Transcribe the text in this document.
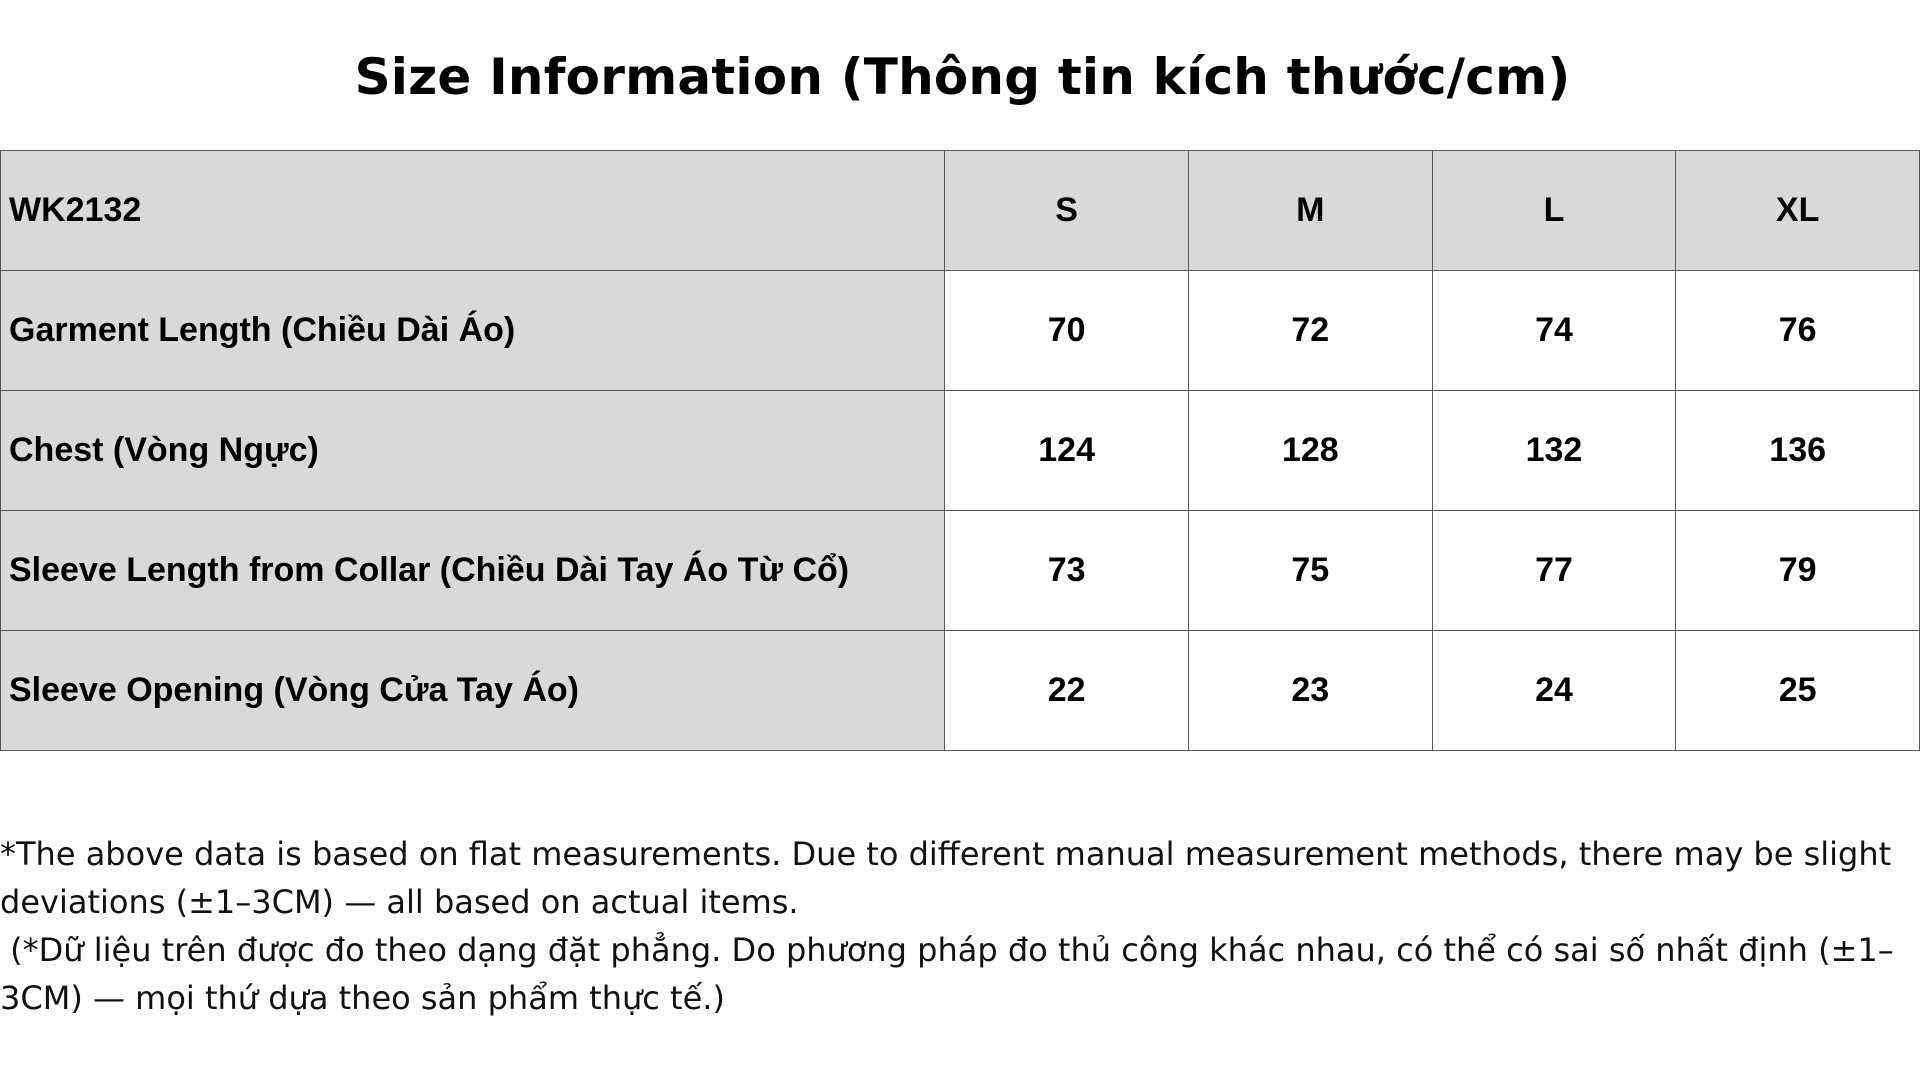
Size Information (Thông tin kích thước/cm)
WK2132	S	M	L	XL
Garment Length (Chiều Dài Áo)	70	72	74	76
Chest (Vòng Ngực)	124	128	132	136
Sleeve Length from Collar (Chiều Dài Tay Áo Từ Cổ)	73	75	77	79
Sleeve Opening (Vòng Cửa Tay Áo)	22	23	24	25

*The above data is based on flat measurements. Due to different manual measurement methods, there may be slight deviations (±1–3CM) — all based on actual items.

(*Dữ liệu trên được đo theo dạng đặt phẳng. Do phương pháp đo thủ công khác nhau, có thể có sai số nhất định (±1–3CM) — mọi thứ dựa theo sản phẩm thực tế.)
